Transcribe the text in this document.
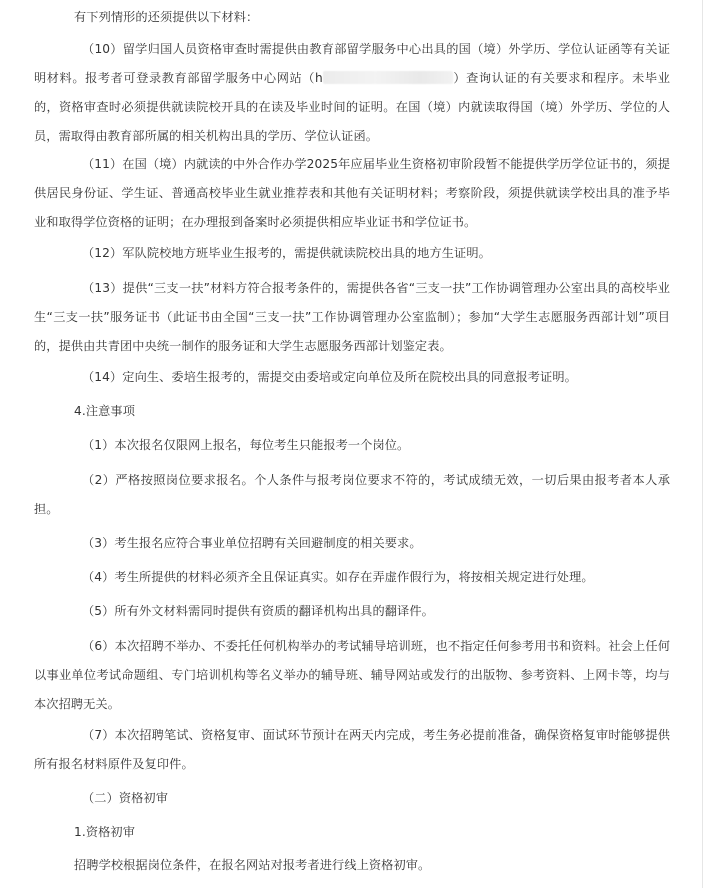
有下列情形的还须提供以下材料：

（10）留学归国人员资格审查时需提供由教育部留学服务中心出具的国（境）外学历、学位认证函等有关证明材料。报考者可登录教育部留学服务中心网站（h	）查询认证的有关要求和程序。未毕业的，资格审查时必须提供就读院校开具的在读及毕业时间的证明。在国（境）内就读取得国（境）外学历、学位的人员，需取得由教育部所属的相关机构出具的学历、学位认证函。

（11）在国（境）内就读的中外合作办学2025年应届毕业生资格初审阶段暂不能提供学历学位证书的，须提供居民身份证、学生证、普通高校毕业生就业推荐表和其他有关证明材料；考察阶段，须提供就读学校出具的准予毕业和取得学位资格的证明；在办理报到备案时必须提供相应毕业证书和学位证书。

（12）军队院校地方班毕业生报考的，需提供就读院校出具的地方生证明。

（13）提供“三支一扶”材料方符合报考条件的，需提供各省“三支一扶”工作协调管理办公室出具的高校毕业生“三支一扶”服务证书（此证书由全国“三支一扶”工作协调管理办公室监制）；参加“大学生志愿服务西部计划”项目的，提供由共青团中央统一制作的服务证和大学生志愿服务西部计划鉴定表。

（14）定向生、委培生报考的，需提交由委培或定向单位及所在院校出具的同意报考证明。

4.注意事项

（1）本次报名仅限网上报名，每位考生只能报考一个岗位。

（2）严格按照岗位要求报名。个人条件与报考岗位要求不符的，考试成绩无效，一切后果由报考者本人承担。

（3）考生报名应符合事业单位招聘有关回避制度的相关要求。

（4）考生所提供的材料必须齐全且保证真实。如存在弄虚作假行为，将按相关规定进行处理。

（5）所有外文材料需同时提供有资质的翻译机构出具的翻译件。

（6）本次招聘不举办、不委托任何机构举办的考试辅导培训班，也不指定任何参考用书和资料。社会上任何以事业单位考试命题组、专门培训机构等名义举办的辅导班、辅导网站或发行的出版物、参考资料、上网卡等，均与本次招聘无关。

（7）本次招聘笔试、资格复审、面试环节预计在两天内完成，考生务必提前准备，确保资格复审时能够提供所有报名材料原件及复印件。

（二）资格初审

1.资格初审

招聘学校根据岗位条件，在报名网站对报考者进行线上资格初审。
